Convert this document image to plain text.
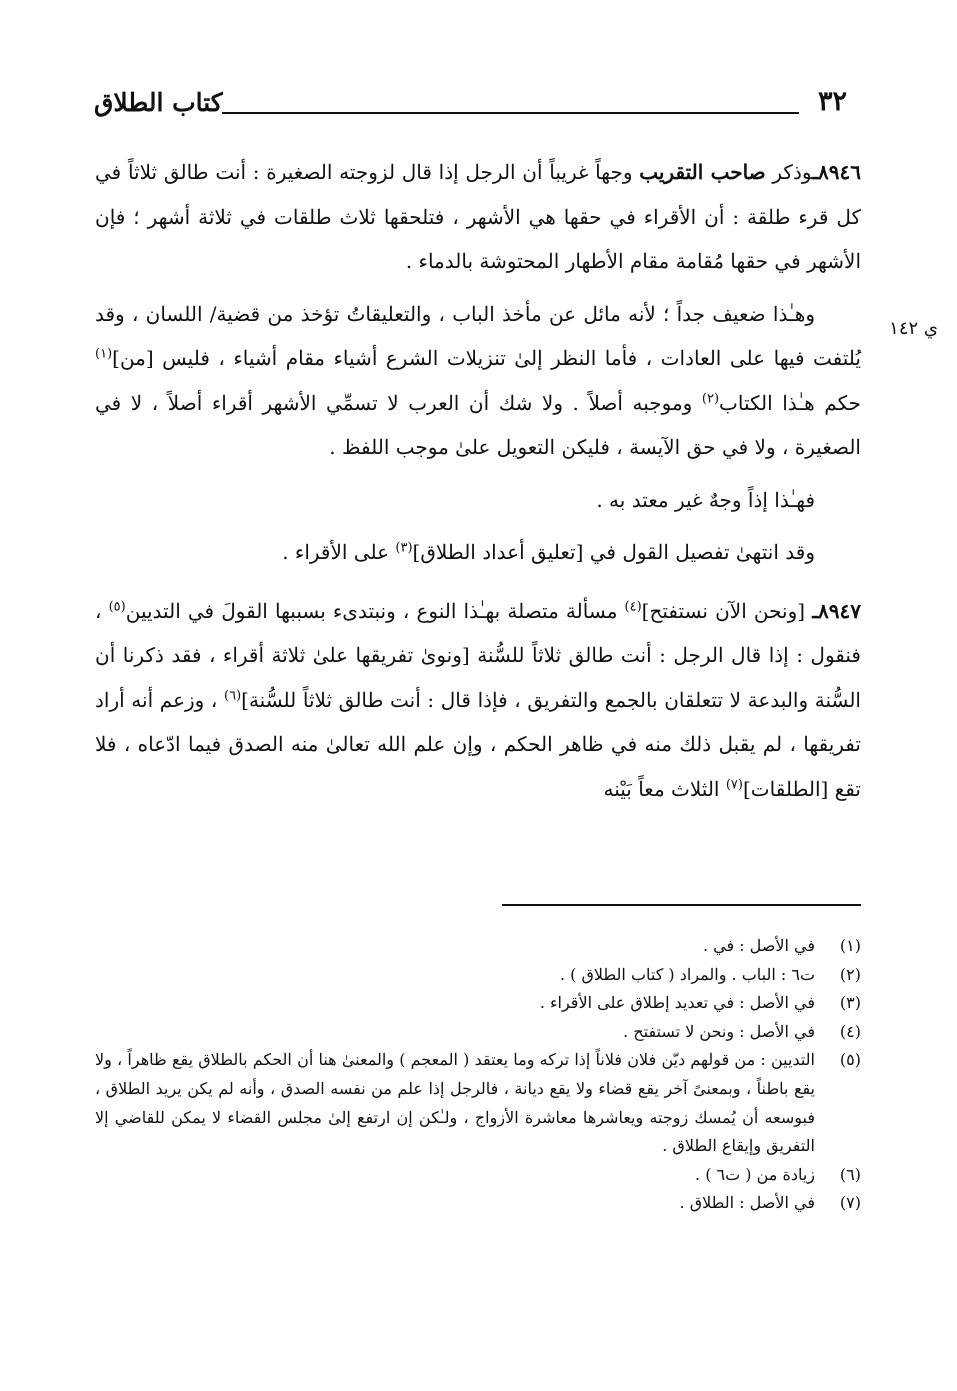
٣٢
كتاب الطلاق
ي ١٤٢

٨٩٤٦ـوذكر صاحب التقريب وجهاً غريباً أن الرجل إذا قال لزوجته الصغيرة : أنت طالق ثلاثاً في كل قرء طلقة : أن الأقراء في حقها هي الأشهر ، فتلحقها ثلاث طلقات في ثلاثة أشهر ؛ فإن الأشهر في حقها مُقامة مقام الأطهار المحتوشة بالدماء .

وهـٰذا ضعيف جداً ؛ لأنه مائل عن مأخذ الباب ، والتعليقاتُ تؤخذ من قضية/ اللسان ، وقد يُلتفت فيها على العادات ، فأما النظر إلىٰ تنزيلات الشرع أشياء مقام أشياء ، فليس [من]$^{(١)}$ حكم هـٰذا الكتاب$^{(٢)}$ وموجبه أصلاً . ولا شك أن العرب لا تسمِّي الأشهر أقراء أصلاً ، لا في الصغيرة ، ولا في حق الآيسة ، فليكن التعويل علىٰ موجب اللفظ .

فهـٰذا إذاً وجهٌ غير معتد به .

وقد انتهىٰ تفصيل القول في [تعليق أعداد الطلاق]$^{(٣)}$ على الأقراء .

٨٩٤٧ـ [ونحن الآن نستفتح]$^{(٤)}$ مسألة متصلة بهـٰذا النوع ، ونبتدىء بسببها القولَ في التديين$^{(٥)}$ ، فنقول : إذا قال الرجل : أنت طالق ثلاثاً للسُّنة [ونوىٰ تفريقها علىٰ ثلاثة أقراء ، فقد ذكرنا أن السُّنة والبدعة لا تتعلقان بالجمع والتفريق ، فإذا قال : أنت طالق ثلاثاً للسُّنة]$^{(٦)}$ ، وزعم أنه أراد تفريقها ، لم يقبل ذلك منه في ظاهر الحكم ، وإن علم الله تعالىٰ منه الصدق فيما ادّعاه ، فلا تقع [الطلقات]$^{(٧)}$ الثلاث معاً بَيْنه

(١)
في الأصل : في .
(٢)
ت٦ : الباب . والمراد ( كتاب الطلاق ) .
(٣)
في الأصل : في تعديد إطلاق على الأقراء .
(٤)
في الأصل : ونحن لا تستفتح .
(٥)
التديين : من قولهم ديّن فلان فلاناً إذا تركه وما يعتقد ( المعجم ) والمعنىٰ هنا أن الحكم بالطلاق يقع ظاهراً ، ولا يقع باطناً ، وبمعنىً آخر يقع قضاء ولا يقع ديانة ، فالرجل إذا علم من نفسه الصدق ، وأنه لم يكن يريد الطلاق ، فبوسعه أن يُمسك زوجته ويعاشرها معاشرة الأزواج ، ولـٰكن إن ارتفع إلىٰ مجلس القضاء لا يمكن للقاضي إلا التفريق وإيقاع الطلاق .
(٦)
زيادة من ( ت٦ ) .
(٧)
في الأصل : الطلاق .
